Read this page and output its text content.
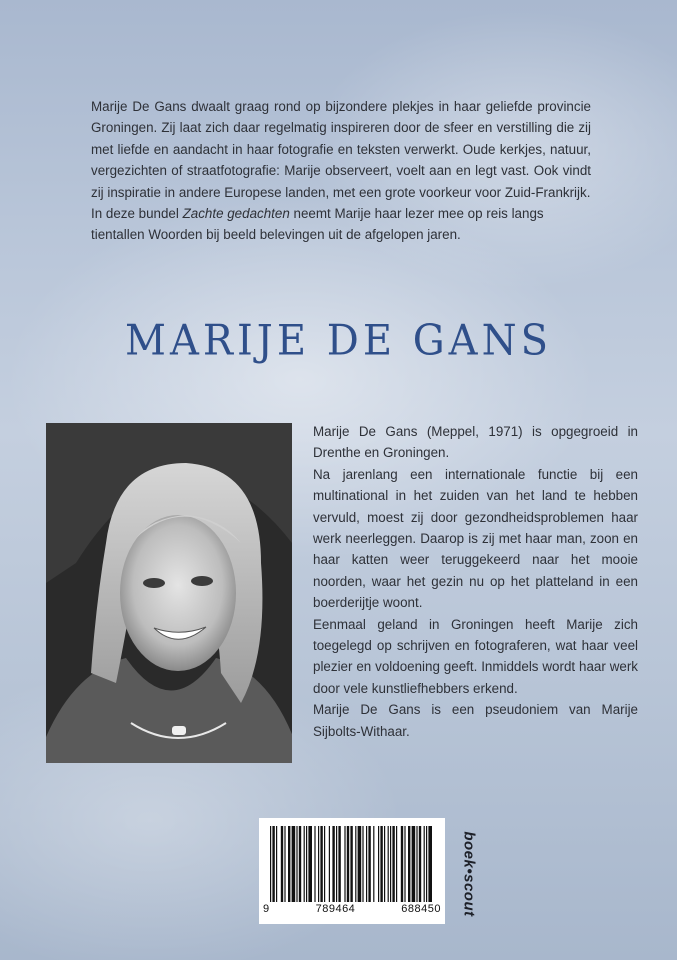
Marije De Gans dwaalt graag rond op bijzondere plekjes in haar geliefde provincie Groningen. Zij laat zich daar regelmatig inspireren door de sfeer en verstilling die zij met liefde en aandacht in haar fotografie en teksten verwerkt. Oude kerkjes, natuur, vergezichten of straatfotografie: Marije observeert, voelt aan en legt vast. Ook vindt zij inspiratie in andere Europese landen, met een grote voorkeur voor Zuid-Frankrijk.

In deze bundel Zachte gedachten neemt Marije haar lezer mee op reis langs tientallen Woorden bij beeld belevingen uit de afgelopen jaren.

MARIJE DE GANS

Marije De Gans (Meppel, 1971) is opgegroeid in Drenthe en Groningen.

Na jarenlang een internationale functie bij een multinational in het zuiden van het land te hebben vervuld, moest zij door gezondheidsproblemen haar werk neerleggen. Daarop is zij met haar man, zoon en haar katten weer teruggekeerd naar het mooie noorden, waar het gezin nu op het platteland in een boerderijtje woont.

Eenmaal geland in Groningen heeft Marije zich toegelegd op schrijven en fotograferen, wat haar veel plezier en voldoening geeft. Inmiddels wordt haar werk door vele kunstliefhebbers erkend.

Marije De Gans is een pseudoniem van Marije Sijbolts-Withaar.

9	789464	688450 boek•scout
